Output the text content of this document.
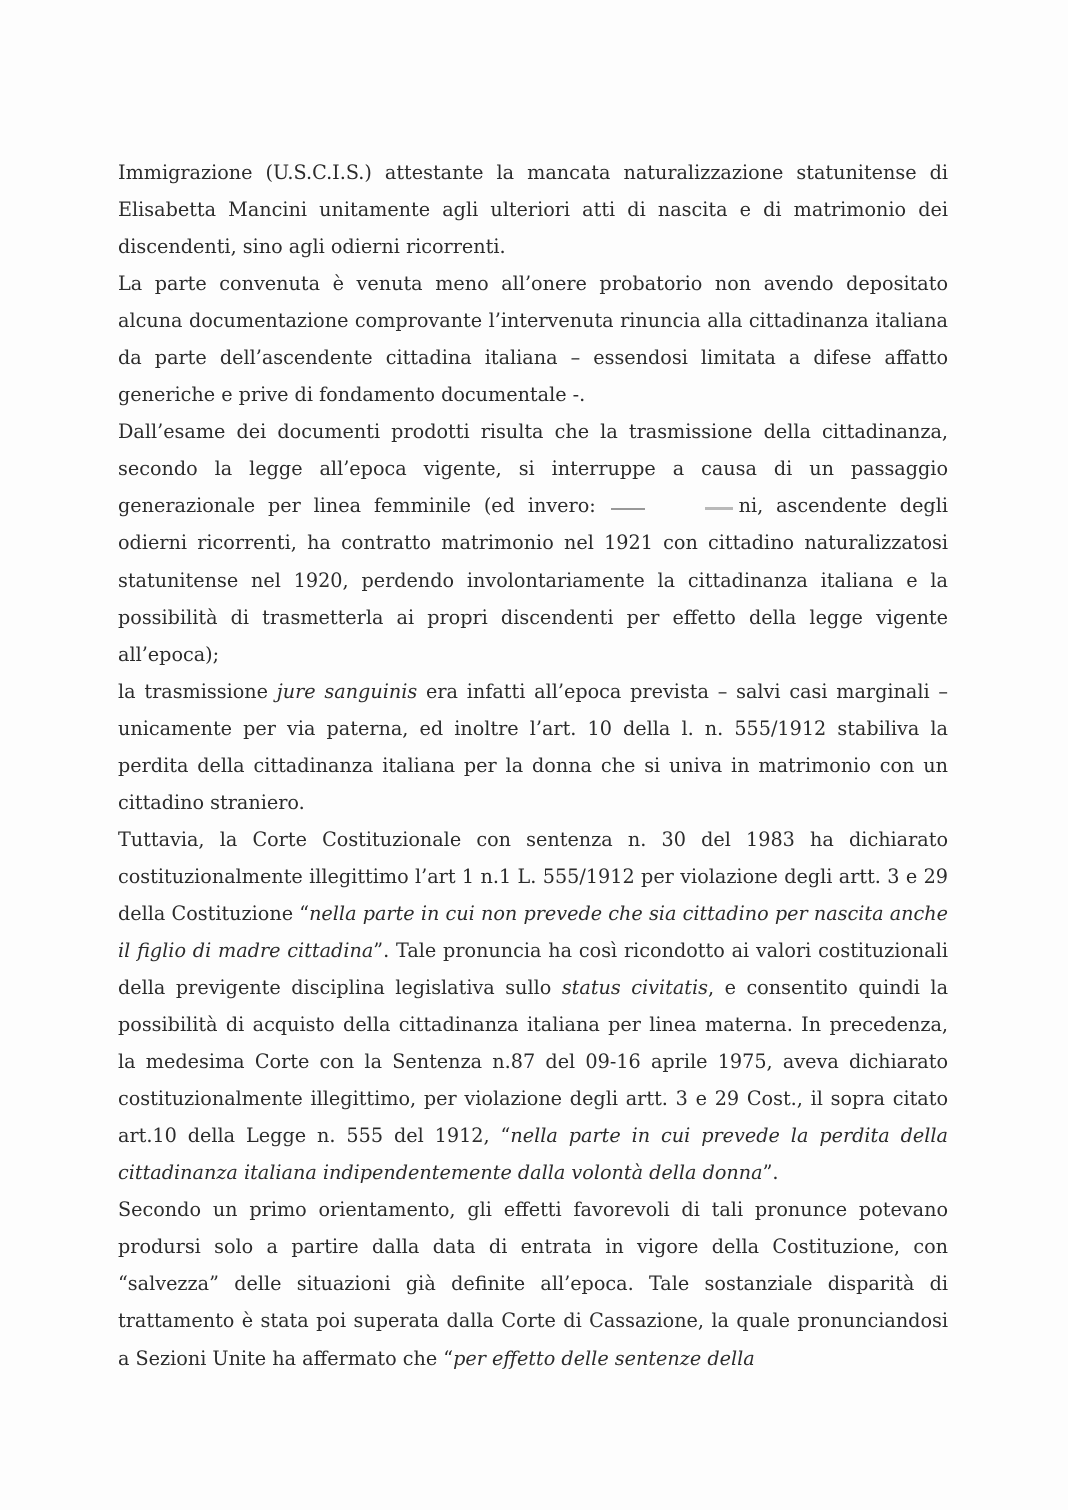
Immigrazione (U.S.C.I.S.) attestante la mancata naturalizzazione statunitense di Elisabetta Mancini unitamente agli ulteriori atti di nascita e di matrimonio dei discendenti, sino agli odierni ricorrenti.

La parte convenuta è venuta meno all’onere probatorio non avendo depositato alcuna documentazione comprovante l’intervenuta rinuncia alla cittadinanza italiana da parte dell’ascendente cittadina italiana – essendosi limitata a difese affatto generiche e prive di fondamento documentale -.

Dall’esame dei documenti prodotti risulta che la trasmissione della cittadinanza, secondo la legge all’epoca vigente, si interruppe a causa di un passaggio generazionale per linea femminile (ed invero:	ni, ascendente degli odierni ricorrenti, ha contratto matrimonio nel 1921 con cittadino naturalizzatosi statunitense nel 1920, perdendo involontariamente la cittadinanza italiana e la possibilità di trasmetterla ai propri discendenti per effetto della legge vigente all’epoca);

la trasmissione jure sanguinis era infatti all’epoca prevista – salvi casi marginali – unicamente per via paterna, ed inoltre l’art. 10 della l. n. 555/1912 stabiliva la perdita della cittadinanza italiana per la donna che si univa in matrimonio con un cittadino straniero.

Tuttavia, la Corte Costituzionale con sentenza n. 30 del 1983 ha dichiarato costituzionalmente illegittimo l’art 1 n.1 L. 555/1912 per violazione degli artt. 3 e 29 della Costituzione “nella parte in cui non prevede che sia cittadino per nascita anche il figlio di madre cittadina”. Tale pronuncia ha così ricondotto ai valori costituzionali della previgente disciplina legislativa sullo status civitatis, e consentito quindi la possibilità di acquisto della cittadinanza italiana per linea materna. In precedenza, la medesima Corte con la Sentenza n.87 del 09-16 aprile 1975, aveva dichiarato costituzionalmente illegittimo, per violazione degli artt. 3 e 29 Cost., il sopra citato art.10 della Legge n. 555 del 1912, “nella parte in cui prevede la perdita della cittadinanza italiana indipendentemente dalla volontà della donna”.

Secondo un primo orientamento, gli effetti favorevoli di tali pronunce potevano prodursi solo a partire dalla data di entrata in vigore della Costituzione, con “salvezza” delle situazioni già definite all’epoca. Tale sostanziale disparità di trattamento è stata poi superata dalla Corte di Cassazione, la quale pronunciandosi a Sezioni Unite ha affermato che “per effetto delle sentenze della
